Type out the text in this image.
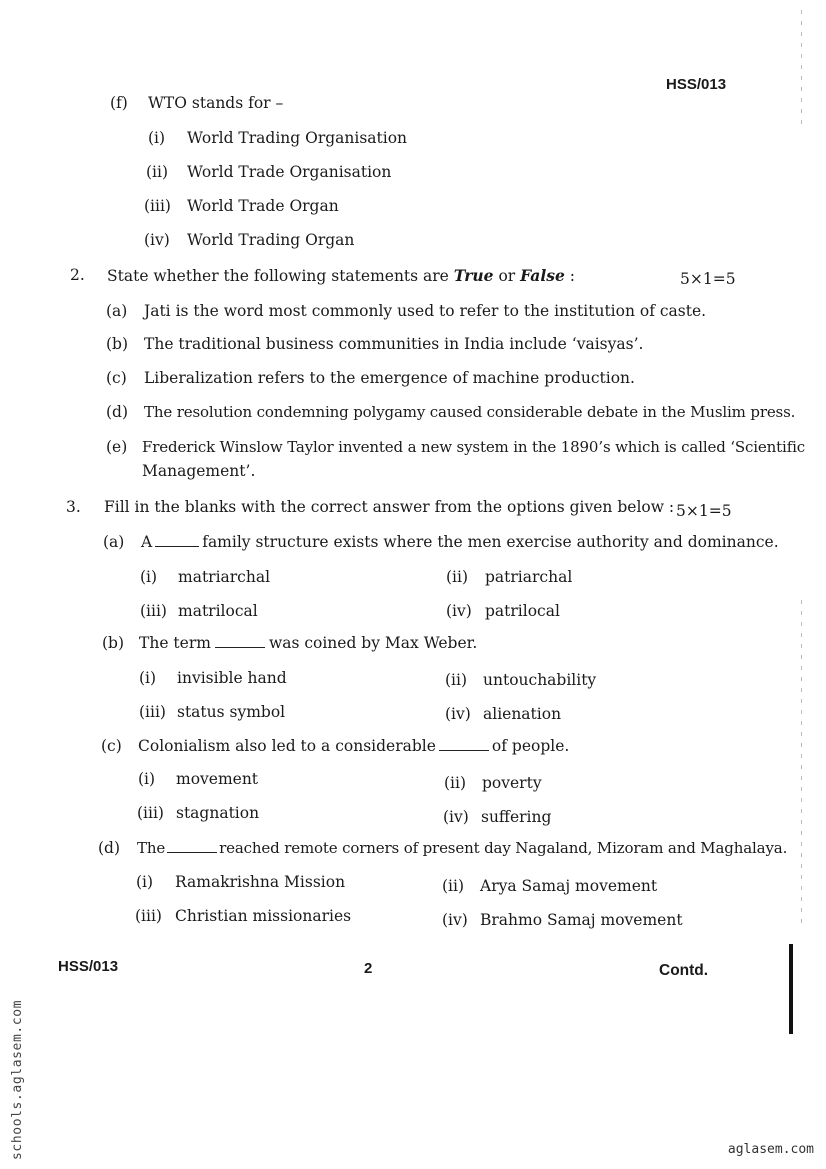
HSS/013
(f) WTO stands for –
(i) World Trading Organisation
(ii) World Trade Organisation
(iii) World Trade Organ
(iv) World Trading Organ
2. State whether the following statements are True or False :	5×1=5
(a) Jati is the word most commonly used to refer to the institution of caste.
(b) The traditional business communities in India include ‘vaisyas’.
(c) Liberalization refers to the emergence of machine production.
(d) The resolution condemning polygamy caused considerable debate in the Muslim press.
(e) Frederick Winslow Taylor invented a new system in the 1890’s which is called ‘Scientific
Management’.
3. Fill in the blanks with the correct answer from the options given below : 5×1=5
(a) A	family structure exists where the men exercise authority and dominance.
(i) matriarchal	(ii) patriarchal
(iii) matrilocal	(iv) patrilocal
(b) The term	was coined by Max Weber.
(i) invisible hand	(ii) untouchability
(iii) status symbol	(iv) alienation
(c) Colonialism also led to a considerable	of people.
(i) movement	(ii) poverty
(iii) stagnation	(iv) suffering
(d) The	reached remote corners of present day Nagaland, Mizoram and Maghalaya.
(i) Ramakrishna Mission	(ii) Arya Samaj movement
(iii) Christian missionaries	(iv) Brahmo Samaj movement
HSS/013	2	Contd.
schools.aglasem.com	aglasem.com
